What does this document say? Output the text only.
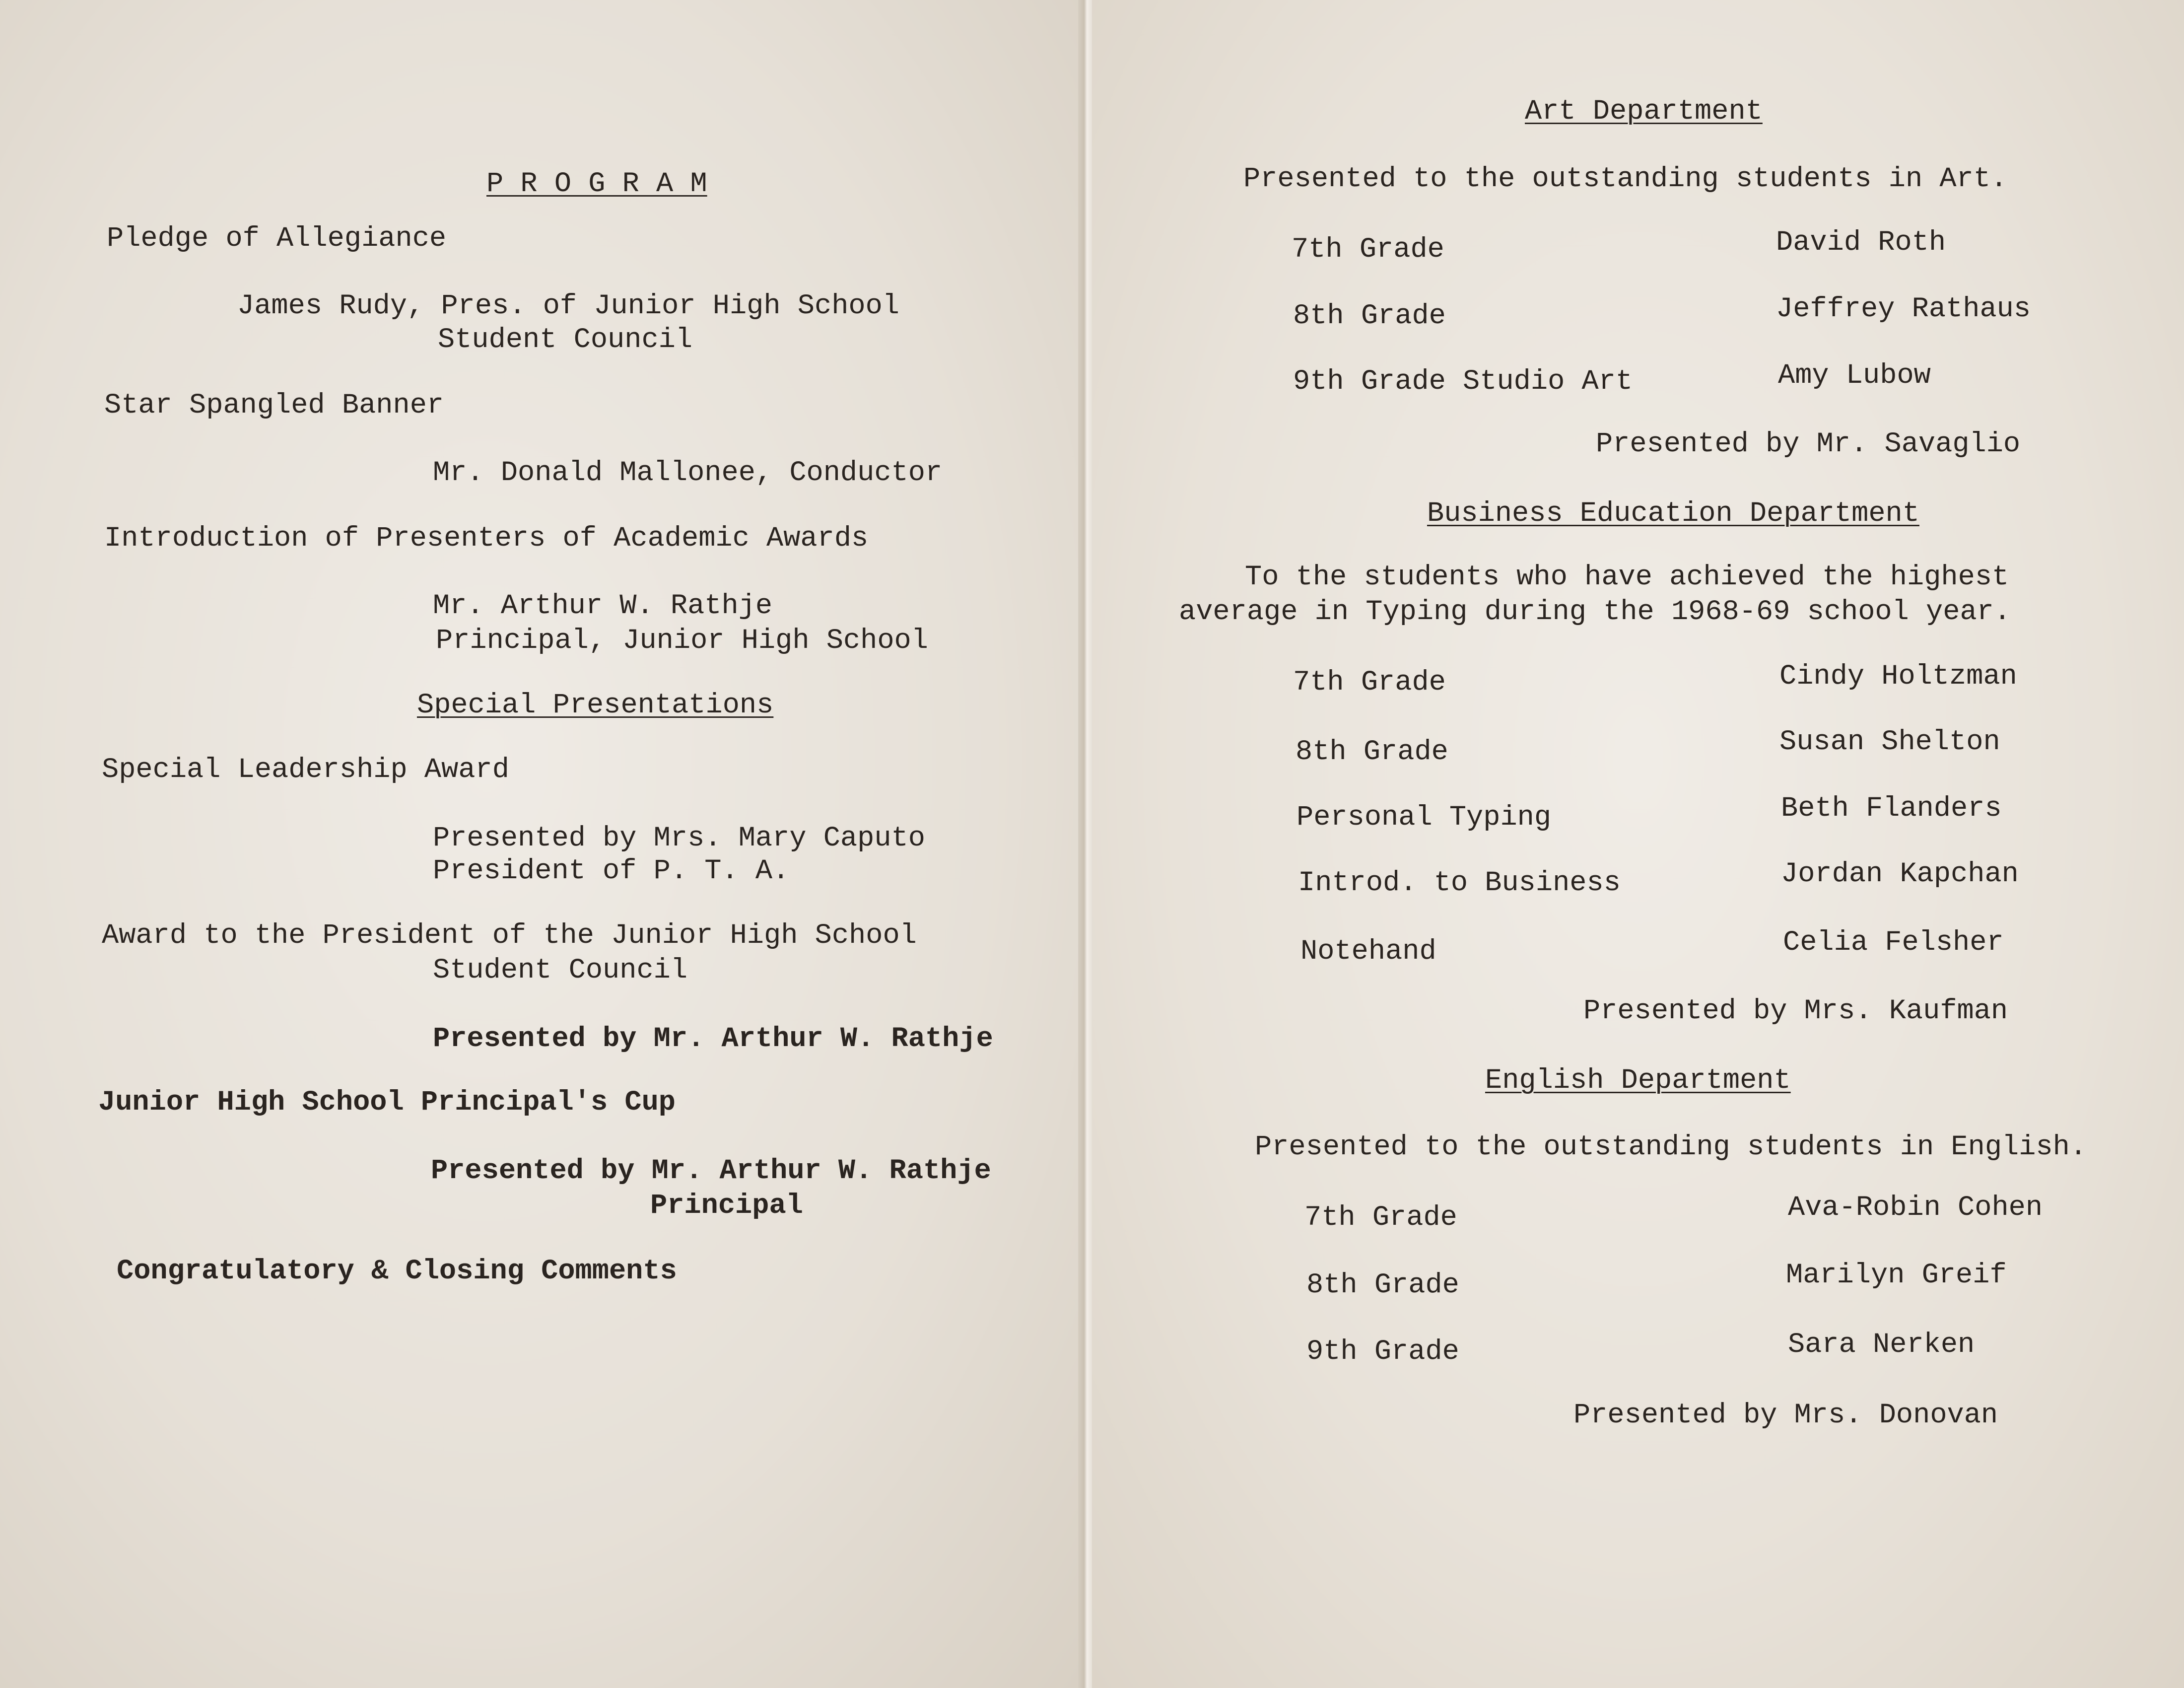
P R O G R A M
Pledge of Allegiance
James Rudy, Pres. of Junior High School
Student Council
Star Spangled Banner
Mr. Donald Mallonee, Conductor
Introduction of Presenters of Academic Awards
Mr. Arthur W. Rathje
Principal, Junior High School
Special Presentations
Special Leadership Award
Presented by Mrs. Mary Caputo
President of P. T. A.
Award to the President of the Junior High School
Student Council
Presented by Mr. Arthur W. Rathje
Junior High School Principal's Cup
Presented by Mr. Arthur W. Rathje
Principal
Congratulatory & Closing Comments
Art Department
Presented to the outstanding students in Art.
7th Grade	David Roth
8th Grade	Jeffrey Rathaus
9th Grade Studio Art	Amy Lubow
Presented by Mr. Savaglio
Business Education Department
To the students who have achieved the highest
average in Typing during the 1968-69 school year.
7th Grade	Cindy Holtzman
8th Grade	Susan Shelton
Personal Typing	Beth Flanders
Introd. to Business	Jordan Kapchan
Notehand	Celia Felsher
Presented by Mrs. Kaufman
English Department
Presented to the outstanding students in English.
7th Grade	Ava-Robin Cohen
8th Grade	Marilyn Greif
9th Grade	Sara Nerken
Presented by Mrs. Donovan
